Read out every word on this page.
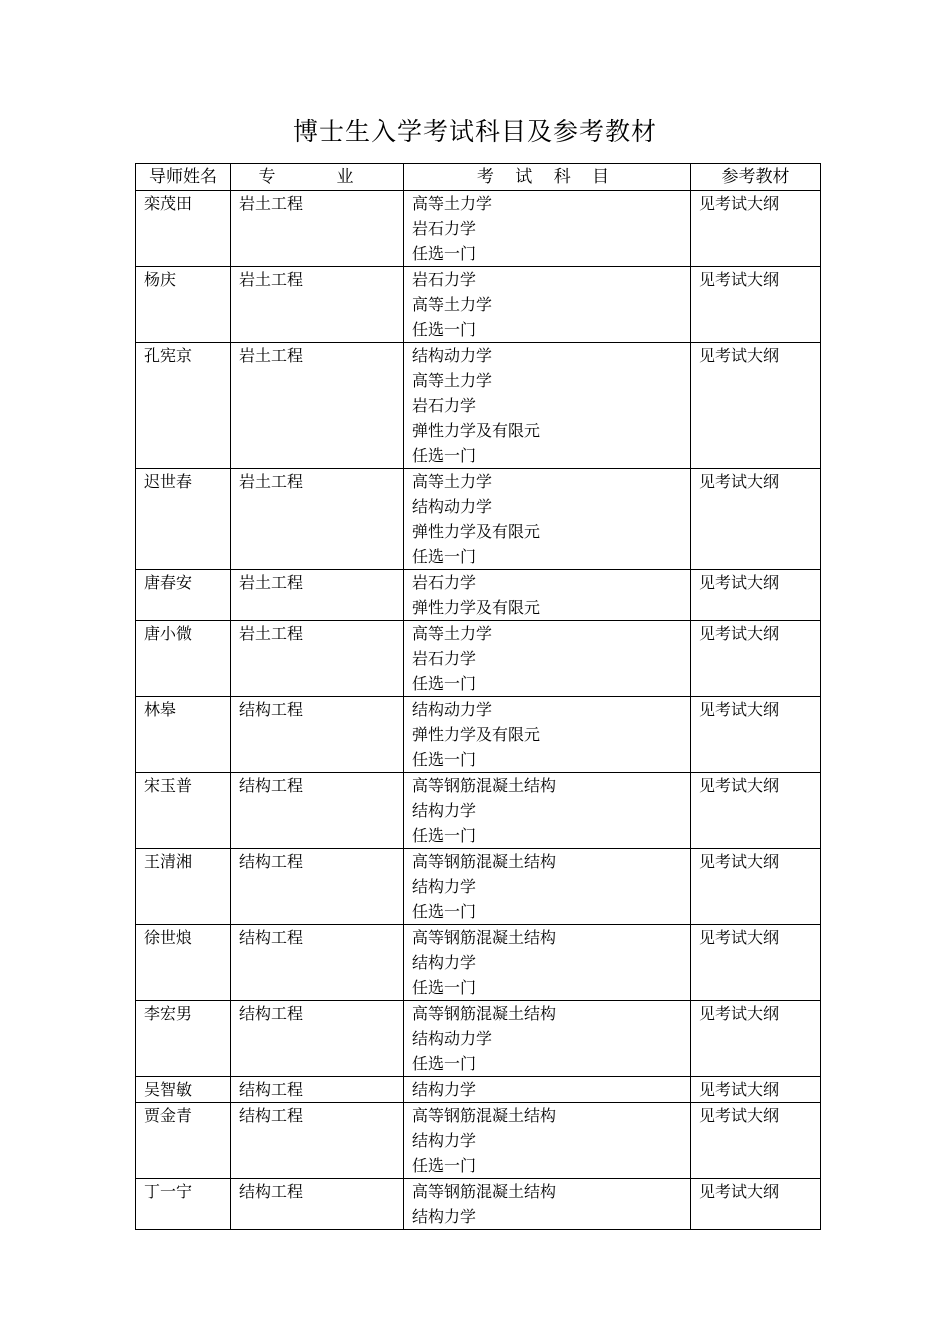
博士生入学考试科目及参考教材
导师姓名	专　业	考 试 科 目	参考教材
栾茂田	岩土工程	高等土力学
岩石力学
任选一门	见考试大纲
杨庆	岩土工程	岩石力学
高等土力学
任选一门	见考试大纲
孔宪京	岩土工程	结构动力学
高等土力学
岩石力学
弹性力学及有限元
任选一门	见考试大纲
迟世春	岩土工程	高等土力学
结构动力学
弹性力学及有限元
任选一门	见考试大纲
唐春安	岩土工程	岩石力学
弹性力学及有限元	见考试大纲
唐小微	岩土工程	高等土力学
岩石力学
任选一门	见考试大纲
林皋	结构工程	结构动力学
弹性力学及有限元
任选一门	见考试大纲
宋玉普	结构工程	高等钢筋混凝土结构
结构力学
任选一门	见考试大纲
王清湘	结构工程	高等钢筋混凝土结构
结构力学
任选一门	见考试大纲
徐世烺	结构工程	高等钢筋混凝土结构
结构力学
任选一门	见考试大纲
李宏男	结构工程	高等钢筋混凝土结构
结构动力学
任选一门	见考试大纲
吴智敏	结构工程	结构力学	见考试大纲
贾金青	结构工程	高等钢筋混凝土结构
结构力学
任选一门	见考试大纲
丁一宁	结构工程	高等钢筋混凝土结构
结构力学	见考试大纲
